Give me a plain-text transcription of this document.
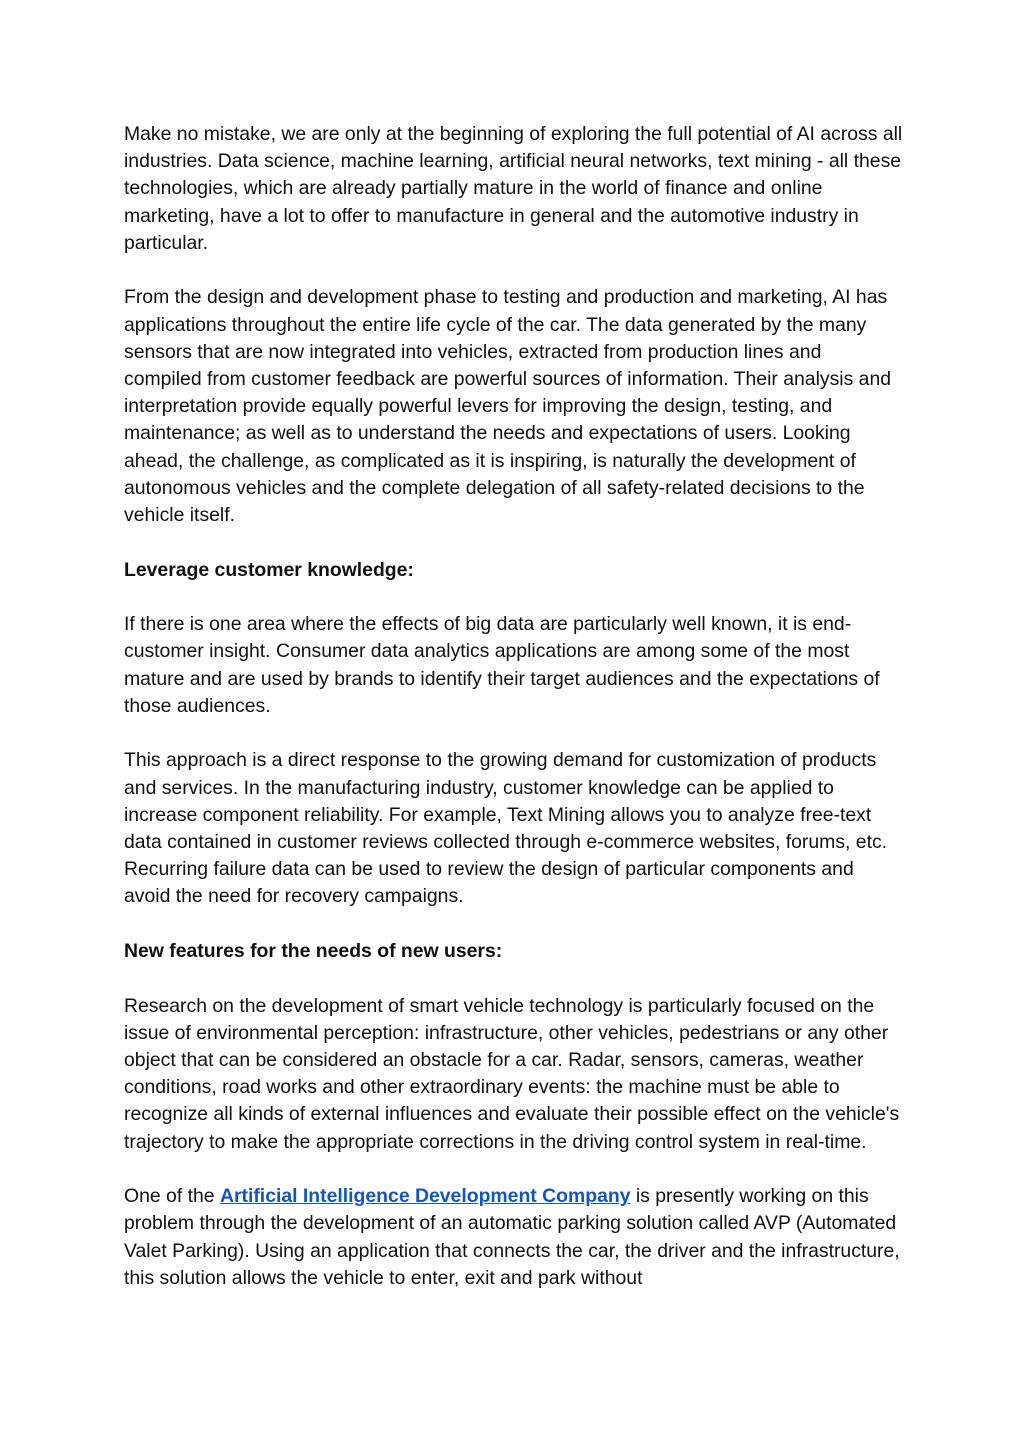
Make no mistake, we are only at the beginning of exploring the full potential of AI across all industries. Data science, machine learning, artificial neural networks, text mining - all these technologies, which are already partially mature in the world of finance and online marketing, have a lot to offer to manufacture in general and the automotive industry in particular.

From the design and development phase to testing and production and marketing, AI has applications throughout the entire life cycle of the car. The data generated by the many sensors that are now integrated into vehicles, extracted from production lines and compiled from customer feedback are powerful sources of information. Their analysis and interpretation provide equally powerful levers for improving the design, testing, and maintenance; as well as to understand the needs and expectations of users. Looking ahead, the challenge, as complicated as it is inspiring, is naturally the development of autonomous vehicles and the complete delegation of all safety-related decisions to the vehicle itself.

Leverage customer knowledge:

If there is one area where the effects of big data are particularly well known, it is end-customer insight. Consumer data analytics applications are among some of the most mature and are used by brands to identify their target audiences and the expectations of those audiences.

This approach is a direct response to the growing demand for customization of products and services. In the manufacturing industry, customer knowledge can be applied to increase component reliability. For example, Text Mining allows you to analyze free-text data contained in customer reviews collected through e-commerce websites, forums, etc. Recurring failure data can be used to review the design of particular components and avoid the need for recovery campaigns.

New features for the needs of new users:

Research on the development of smart vehicle technology is particularly focused on the issue of environmental perception: infrastructure, other vehicles, pedestrians or any other object that can be considered an obstacle for a car. Radar, sensors, cameras, weather conditions, road works and other extraordinary events: the machine must be able to recognize all kinds of external influences and evaluate their possible effect on the vehicle's trajectory to make the appropriate corrections in the driving control system in real-time.

One of the Artificial Intelligence Development Company is presently working on this problem through the development of an automatic parking solution called AVP (Automated Valet Parking). Using an application that connects the car, the driver and the infrastructure, this solution allows the vehicle to enter, exit and park without
